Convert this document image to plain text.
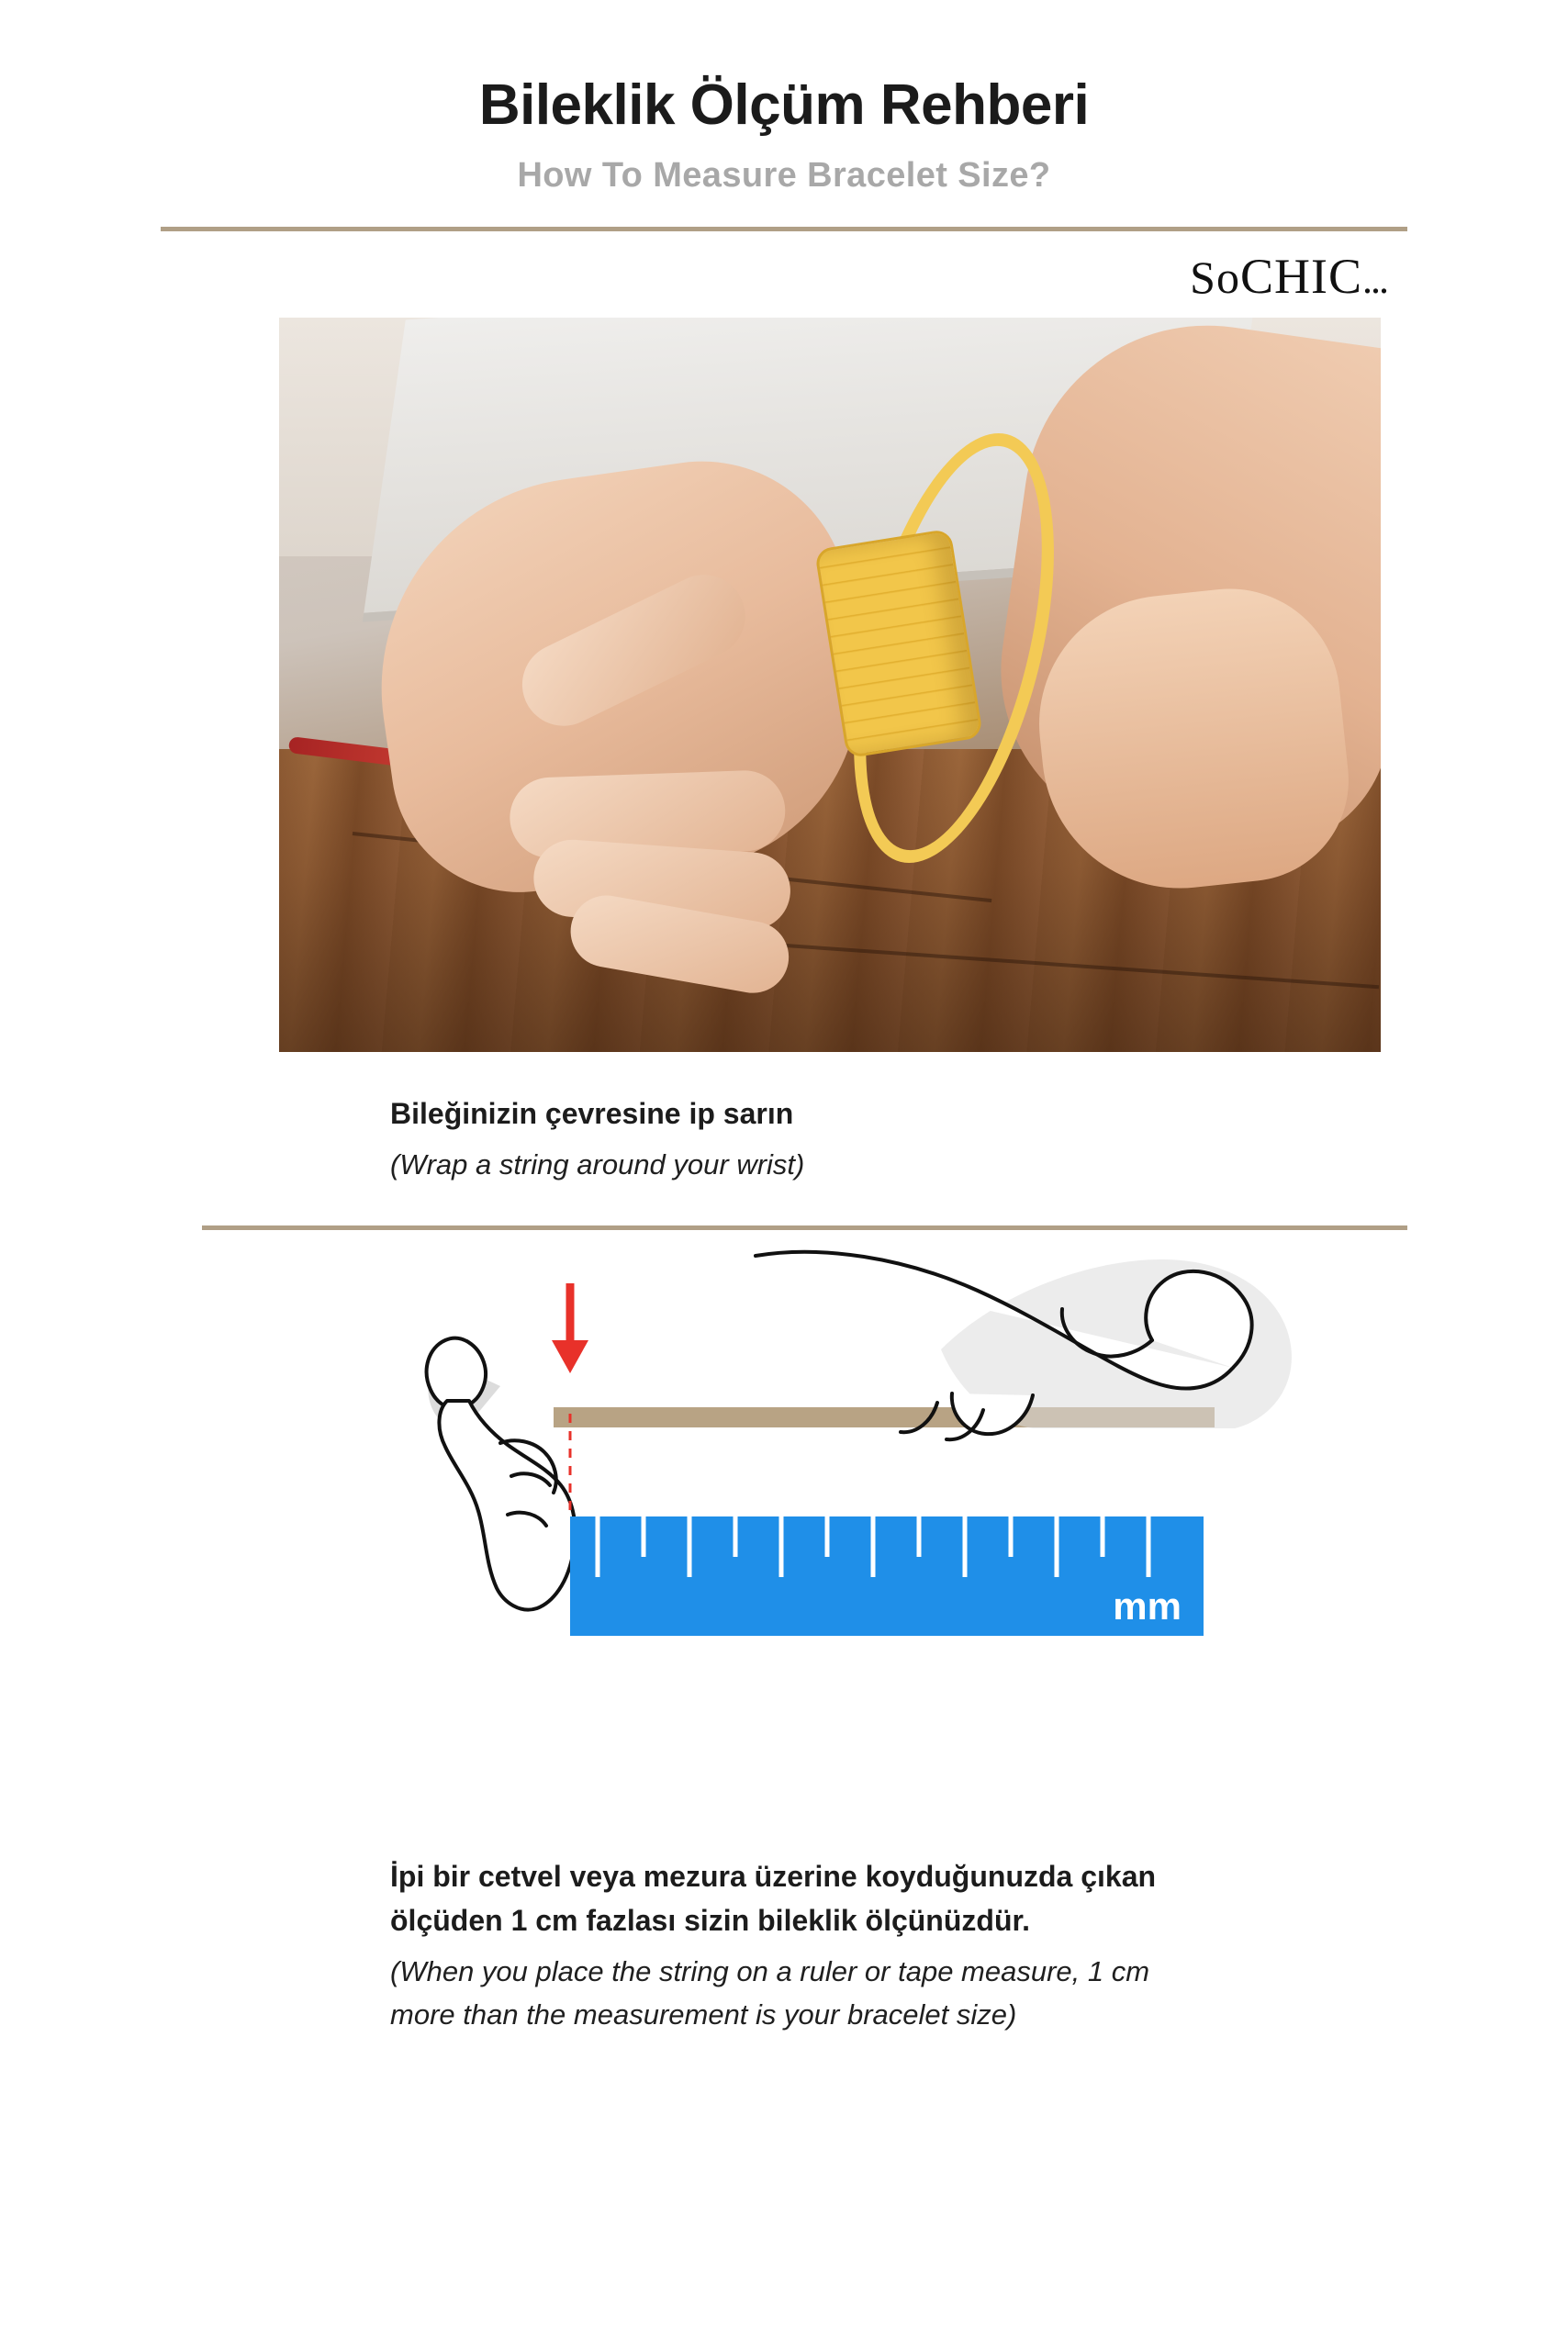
Bileklik Ölçüm Rehberi
How To Measure Bracelet Size?
SoCHIC...
Bileğinizin çevresine ip sarın
(Wrap a string around your wrist)
mm
İpi bir cetvel veya mezura üzerine koyduğunuzda çıkan
ölçüden 1 cm fazlası sizin bileklik ölçünüzdür.
(When you place the string on a ruler or tape measure, 1 cm
more than the measurement is your bracelet size)
